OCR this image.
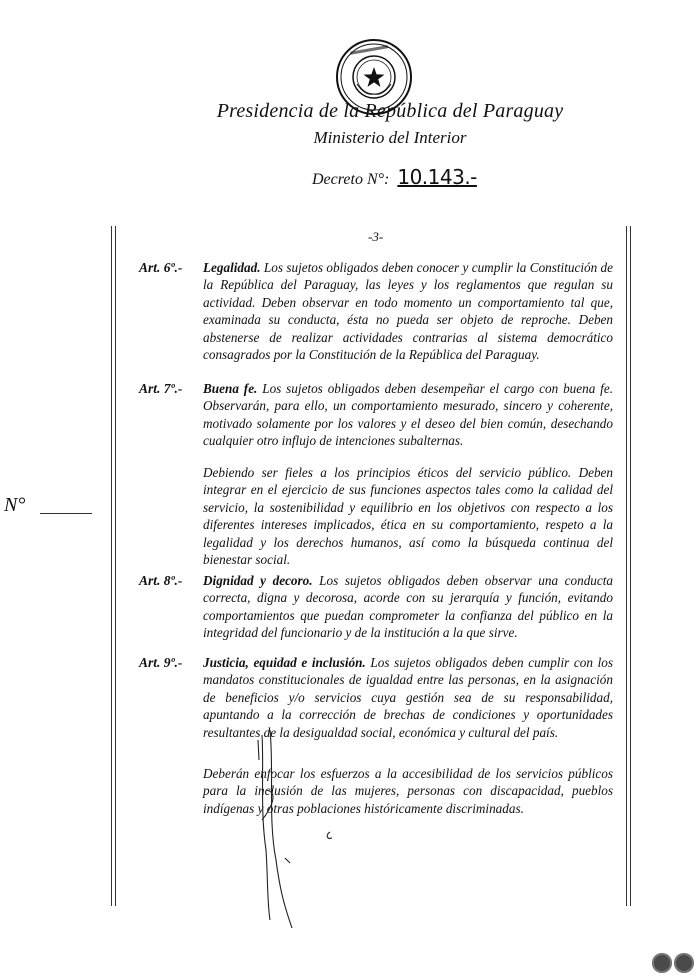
Presidencia de la República del Paraguay
Ministerio del Interior
Decreto N°: 10.143.-
-3-
N°
Art. 6º.- Legalidad. Los sujetos obligados deben conocer y cumplir la Constitución de la República del Paraguay, las leyes y los reglamentos que regulan su actividad. Deben observar en todo momento un comportamiento tal que, examinada su conducta, ésta no pueda ser objeto de reproche. Deben abstenerse de realizar actividades contrarias al sistema democrático consagrados por la Constitución de la República del Paraguay.
Art. 7º.- Buena fe. Los sujetos obligados deben desempeñar el cargo con buena fe. Observarán, para ello, un comportamiento mesurado, sincero y coherente, motivado solamente por los valores y el deseo del bien común, desechando cualquier otro influjo de intenciones subalternas.
Debiendo ser fieles a los principios éticos del servicio público. Deben integrar en el ejercicio de sus funciones aspectos tales como la calidad del servicio, la sostenibilidad y equilibrio en los objetivos con respecto a los diferentes intereses implicados, ética en su comportamiento, respeto a la legalidad y los derechos humanos, así como la búsqueda continua del bienestar social.
Art. 8º.- Dignidad y decoro. Los sujetos obligados deben observar una conducta correcta, digna y decorosa, acorde con su jerarquía y función, evitando comportamientos que puedan comprometer la confianza del público en la integridad del funcionario y de la institución a la que sirve.
Art. 9º.- Justicia, equidad e inclusión. Los sujetos obligados deben cumplir con los mandatos constitucionales de igualdad entre las personas, en la asignación de beneficios y/o servicios cuya gestión sea de su responsabilidad, apuntando a la corrección de brechas de condiciones y oportunidades resultantes de la desigualdad social, económica y cultural del país.
Deberán enfocar los esfuerzos a la accesibilidad de los servicios públicos para la inclusión de las mujeres, personas con discapacidad, pueblos indígenas y otras poblaciones históricamente discriminadas.
